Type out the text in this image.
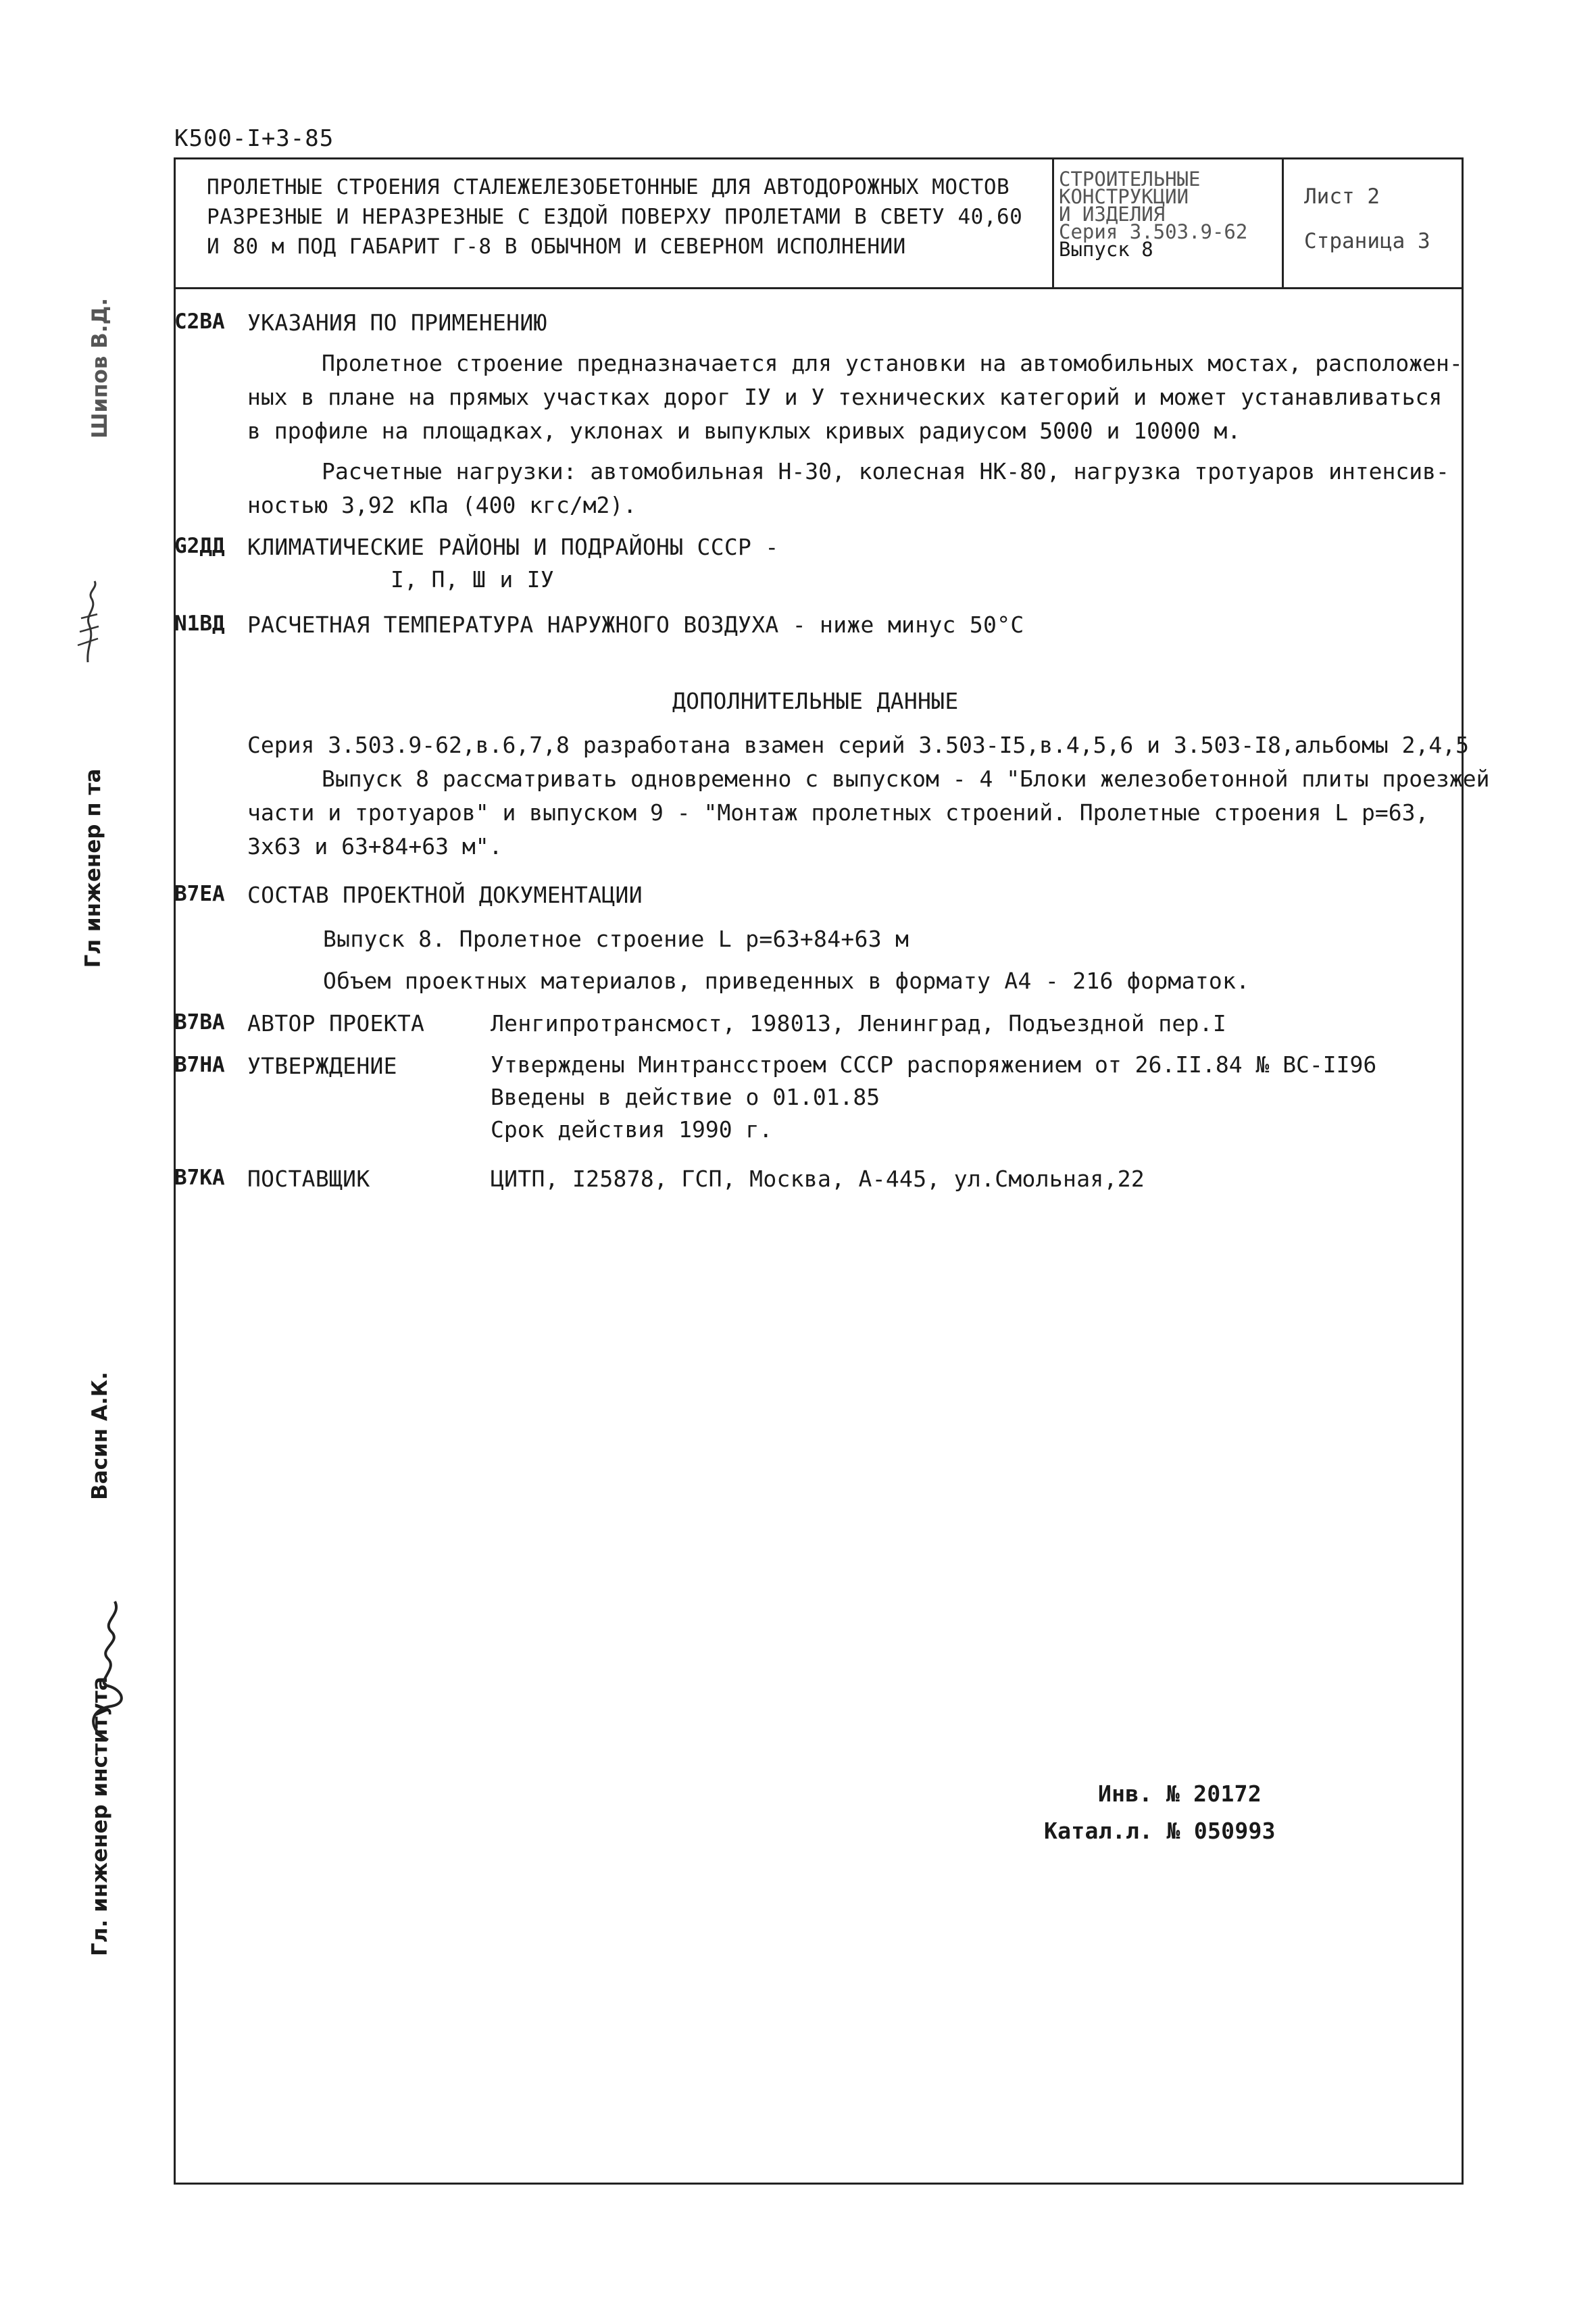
К500-I+3-85
ПРОЛЕТНЫЕ СТРОЕНИЯ СТАЛЕЖЕЛЕЗОБЕТОННЫЕ ДЛЯ АВТОДОРОЖНЫХ МОСТОВ
РАЗРЕЗНЫЕ И НЕРАЗРЕЗНЫЕ С ЕЗДОЙ ПОВЕРХУ ПРОЛЕТАМИ В СВЕТУ 40,60
И 80 м ПОД ГАБАРИТ Г-8 В ОБЫЧНОМ И СЕВЕРНОМ ИСПОЛНЕНИИ
СТРОИТЕЛЬНЫЕ
КОНСТРУКЦИИ
И ИЗДЕЛИЯ
Серия 3.503.9-62
Выпуск 8
Лист 2
Страница 3
С2ВА УКАЗАНИЯ ПО ПРИМЕНЕНИЮ
Пролетное строение предназначается для установки на автомобильных мостах, расположен-
ных в плане на прямых участках дорог IУ и У технических категорий и может устанавливаться
в профиле на площадках, уклонах и выпуклых кривых радиусом 5000 и 10000 м.
Расчетные нагрузки: автомобильная Н-30, колесная НК-80, нагрузка тротуаров интенсив-
ностью 3,92 кПа (400 кгс/м2).
G2ДД КЛИМАТИЧЕСКИЕ РАЙОНЫ И ПОДРАЙОНЫ СССР -
I, П, Ш и IУ
N1ВД РАСЧЕТНАЯ ТЕМПЕРАТУРА НАРУЖНОГО ВОЗДУХА - ниже минус 50°С
ДОПОЛНИТЕЛЬНЫЕ ДАННЫЕ
Серия 3.503.9-62,в.6,7,8 разработана взамен серий 3.503-I5,в.4,5,6 и 3.503-I8,альбомы 2,4,5
Выпуск 8 рассматривать одновременно с выпуском - 4 "Блоки железобетонной плиты проезжей
части и тротуаров" и выпуском 9 - "Монтаж пролетных строений. Пролетные строения L р=63,
3х63 и 63+84+63 м".
В7ЕА СОСТАВ ПРОЕКТНОЙ ДОКУМЕНТАЦИИ
Выпуск 8. Пролетное строение L р=63+84+63 м
Объем проектных материалов, приведенных в формату А4 - 216 форматок.
В7ВА АВТОР ПРОЕКТА	Ленгипротрансмост, 198013, Ленинград, Подъездной пер.I
В7НА УТВЕРЖДЕНИЕ	Утверждены Минтрансстроем СССР распоряжением от 26.II.84 № ВС-II96
Введены в действие о 01.01.85
Срок действия 1990 г.
В7КА ПОСТАВЩИК	ЦИТП, I25878, ГСП, Москва, А-445, ул.Смольная,22
Инв. № 20172
Катал.л. № 050993
Шипов В.Д.
Гл инженер п та
Васин А.К.
Гл. инженер института
